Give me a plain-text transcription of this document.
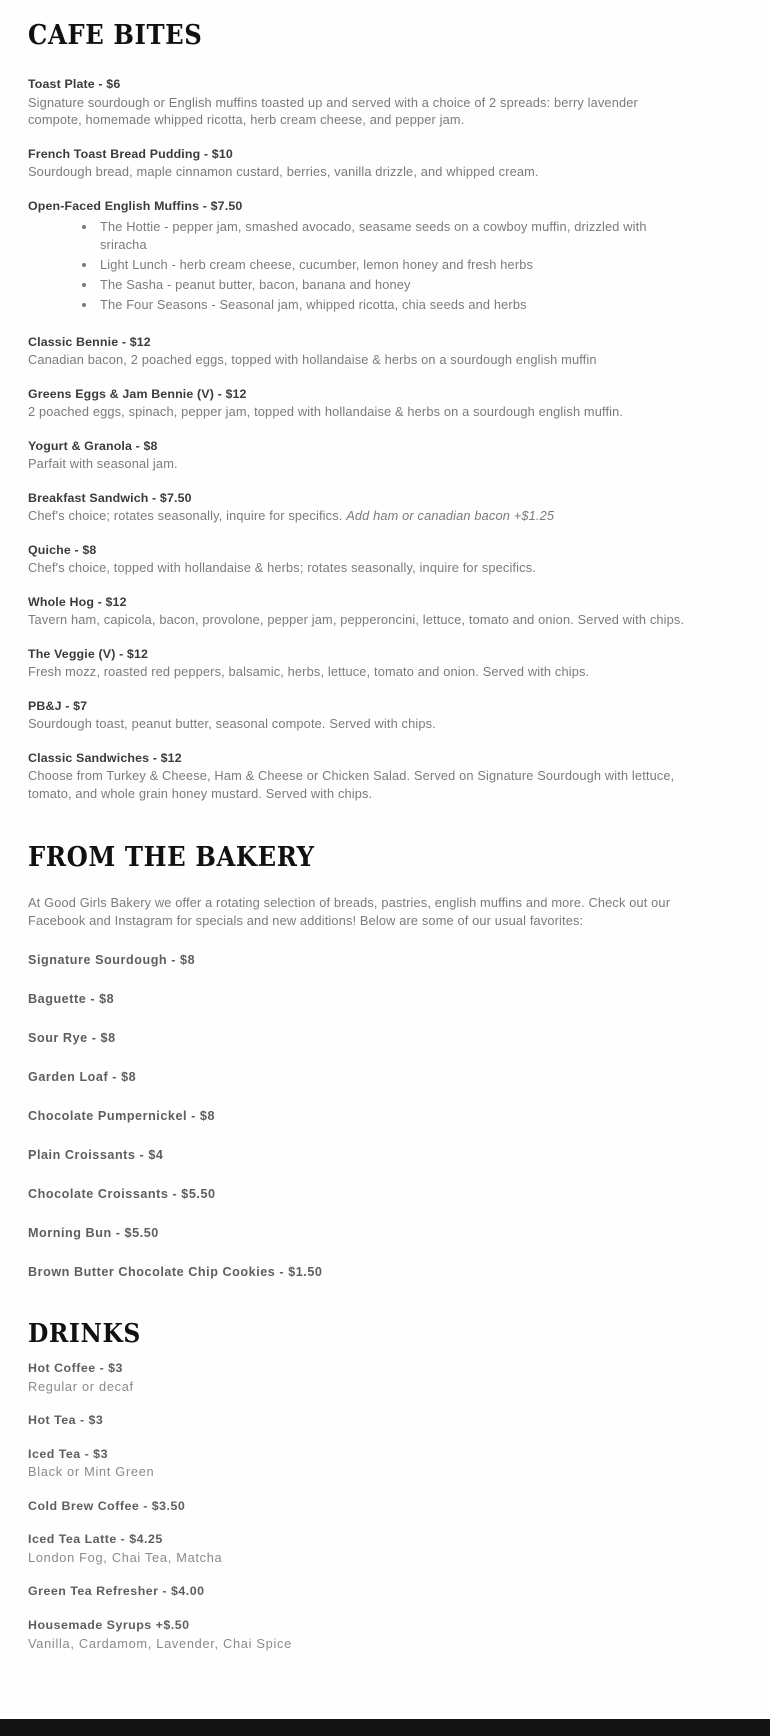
CAFE BITES
Toast Plate - $6
Signature sourdough or English muffins toasted up and served with a choice of 2 spreads: berry lavender compote, homemade whipped ricotta, herb cream cheese, and pepper jam.
French Toast Bread Pudding - $10
Sourdough bread, maple cinnamon custard, berries, vanilla drizzle, and whipped cream.
Open-Faced English Muffins - $7.50
The Hottie - pepper jam, smashed avocado, seasame seeds on a cowboy muffin, drizzled with sriracha
Light Lunch - herb cream cheese, cucumber, lemon honey and fresh herbs
The Sasha - peanut butter, bacon, banana and honey
The Four Seasons - Seasonal jam, whipped ricotta, chia seeds and herbs
Classic Bennie - $12
Canadian bacon, 2 poached eggs, topped with hollandaise & herbs on a sourdough english muffin
Greens Eggs & Jam Bennie (V) - $12
2 poached eggs, spinach, pepper jam, topped with hollandaise & herbs on a sourdough english muffin.
Yogurt & Granola - $8
Parfait with seasonal jam.
Breakfast Sandwich - $7.50
Chef's choice; rotates seasonally, inquire for specifics. Add ham or canadian bacon +$1.25
Quiche - $8
Chef's choice, topped with hollandaise & herbs; rotates seasonally, inquire for specifics.
Whole Hog - $12
Tavern ham, capicola, bacon, provolone, pepper jam, pepperoncini, lettuce, tomato and onion. Served with chips.
The Veggie (V) - $12
Fresh mozz, roasted red peppers, balsamic, herbs, lettuce, tomato and onion. Served with chips.
PB&J - $7
Sourdough toast, peanut butter, seasonal compote. Served with chips.
Classic Sandwiches - $12
Choose from Turkey & Cheese, Ham & Cheese or Chicken Salad. Served on Signature Sourdough with lettuce, tomato, and whole grain honey mustard. Served with chips.
FROM THE BAKERY

At Good Girls Bakery we offer a rotating selection of breads, pastries, english muffins and more. Check out our Facebook and Instagram for specials and new additions! Below are some of our usual favorites:

Signature Sourdough - $8
Baguette - $8
Sour Rye - $8
Garden Loaf - $8
Chocolate Pumpernickel - $8
Plain Croissants - $4
Chocolate Croissants - $5.50
Morning Bun - $5.50
Brown Butter Chocolate Chip Cookies - $1.50
DRINKS
Hot Coffee - $3
Regular or decaf
Hot Tea - $3
Iced Tea - $3
Black or Mint Green
Cold Brew Coffee - $3.50
Iced Tea Latte - $4.25
London Fog, Chai Tea, Matcha
Green Tea Refresher - $4.00
Housemade Syrups +$.50
Vanilla, Cardamom, Lavender, Chai Spice
